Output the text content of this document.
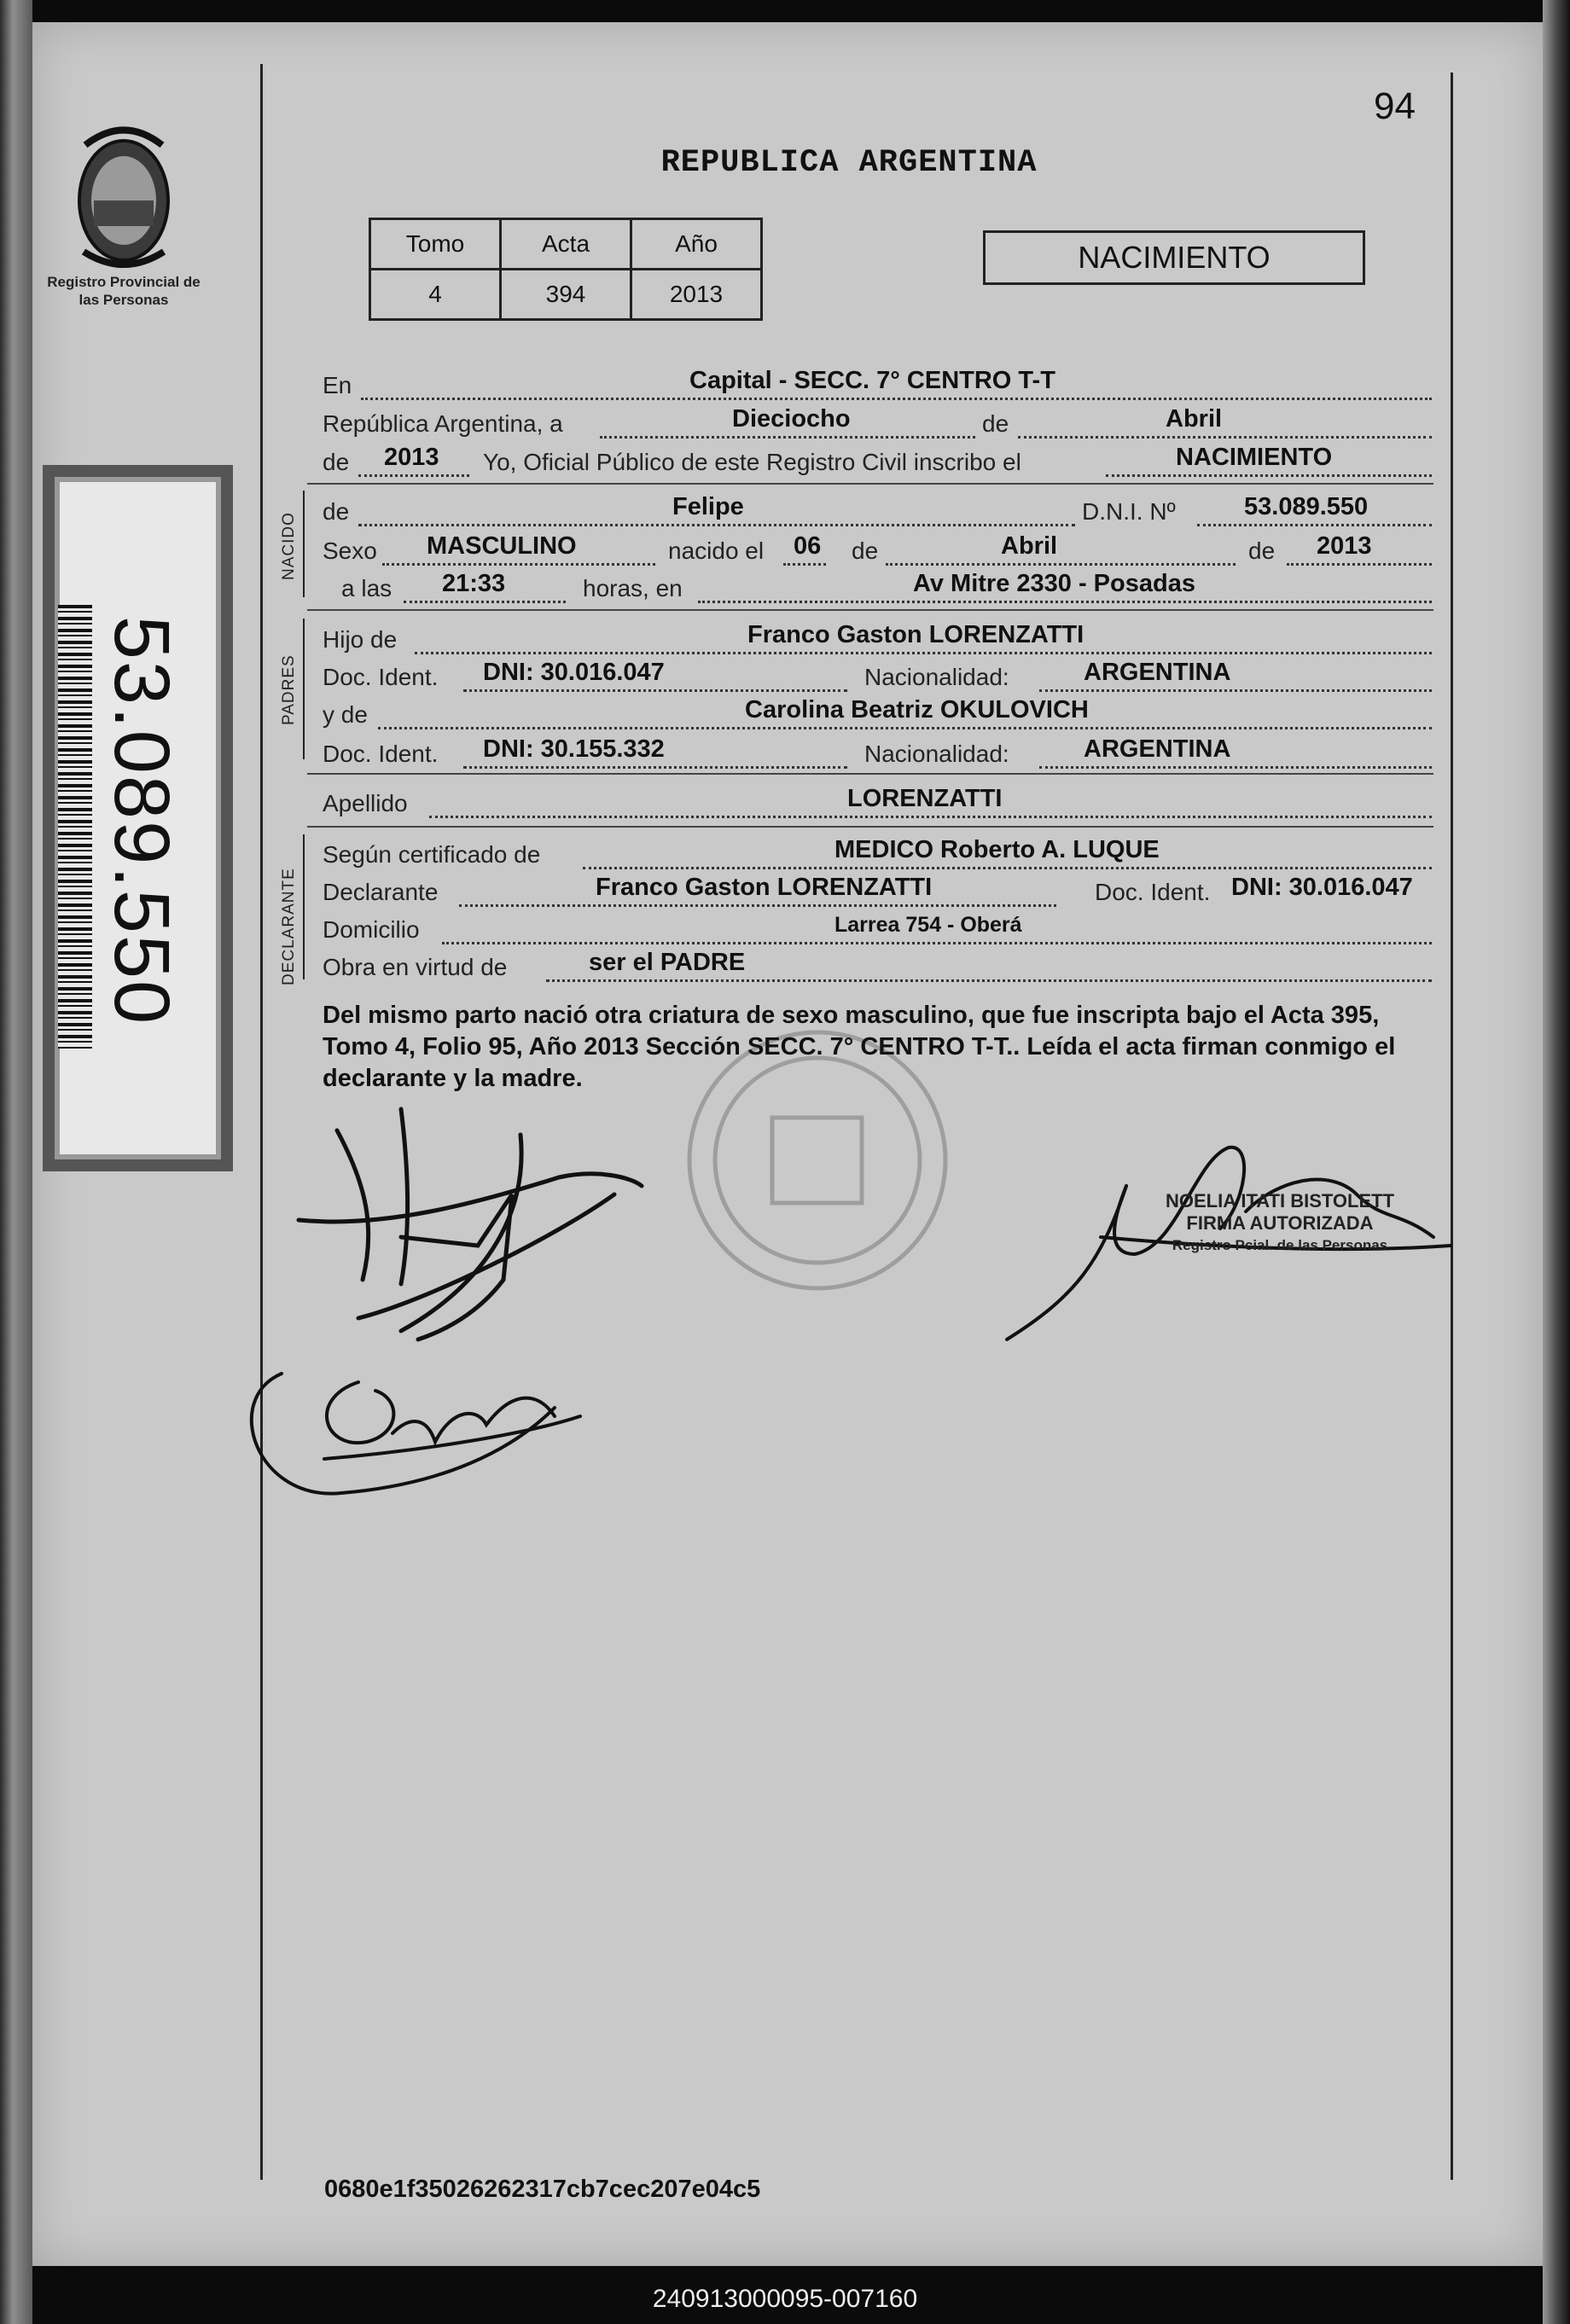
Registro Provincial de las Personas
53.089.550
94
REPUBLICA ARGENTINA
Tomo	Acta	Año
4	394	2013
NACIMIENTO
En	Capital - SECC. 7° CENTRO T-T
República Argentina, a	Dieciocho	de	Abril
de 2013 Yo, Oficial Público de este Registro Civil inscribo el	NACIMIENTO
NACIDO
de	Felipe	D.N.I. Nº	53.089.550
Sexo MASCULINO	nacido el 06 de	Abril	de 2013
a las 21:33	horas, en	Av Mitre 2330 - Posadas
PADRES
Hijo de	Franco Gaston LORENZATTI
Doc. Ident. DNI: 30.016.047	Nacionalidad:	ARGENTINA
y de	Carolina Beatriz OKULOVICH
Doc. Ident. DNI: 30.155.332	Nacionalidad:	ARGENTINA
Apellido	LORENZATTI
DECLARANTE
Según certificado de	MEDICO Roberto A. LUQUE
Declarante	Franco Gaston LORENZATTI	Doc. Ident. DNI: 30.016.047
Domicilio	Larrea 754 - Oberá
Obra en virtud de	ser el PADRE
Del mismo parto nació otra criatura de sexo masculino, que fue inscripta bajo el Acta 395, Tomo 4, Folio 95, Año 2013 Sección SECC. 7° CENTRO T-T.. Leída el acta firman conmigo el declarante y la madre.
NOELIA ITATI BISTOLETT
FIRMA AUTORIZADA
Registro Pcial. de las Personas
0680e1f35026262317cb7cec207e04c5
240913000095-007160
